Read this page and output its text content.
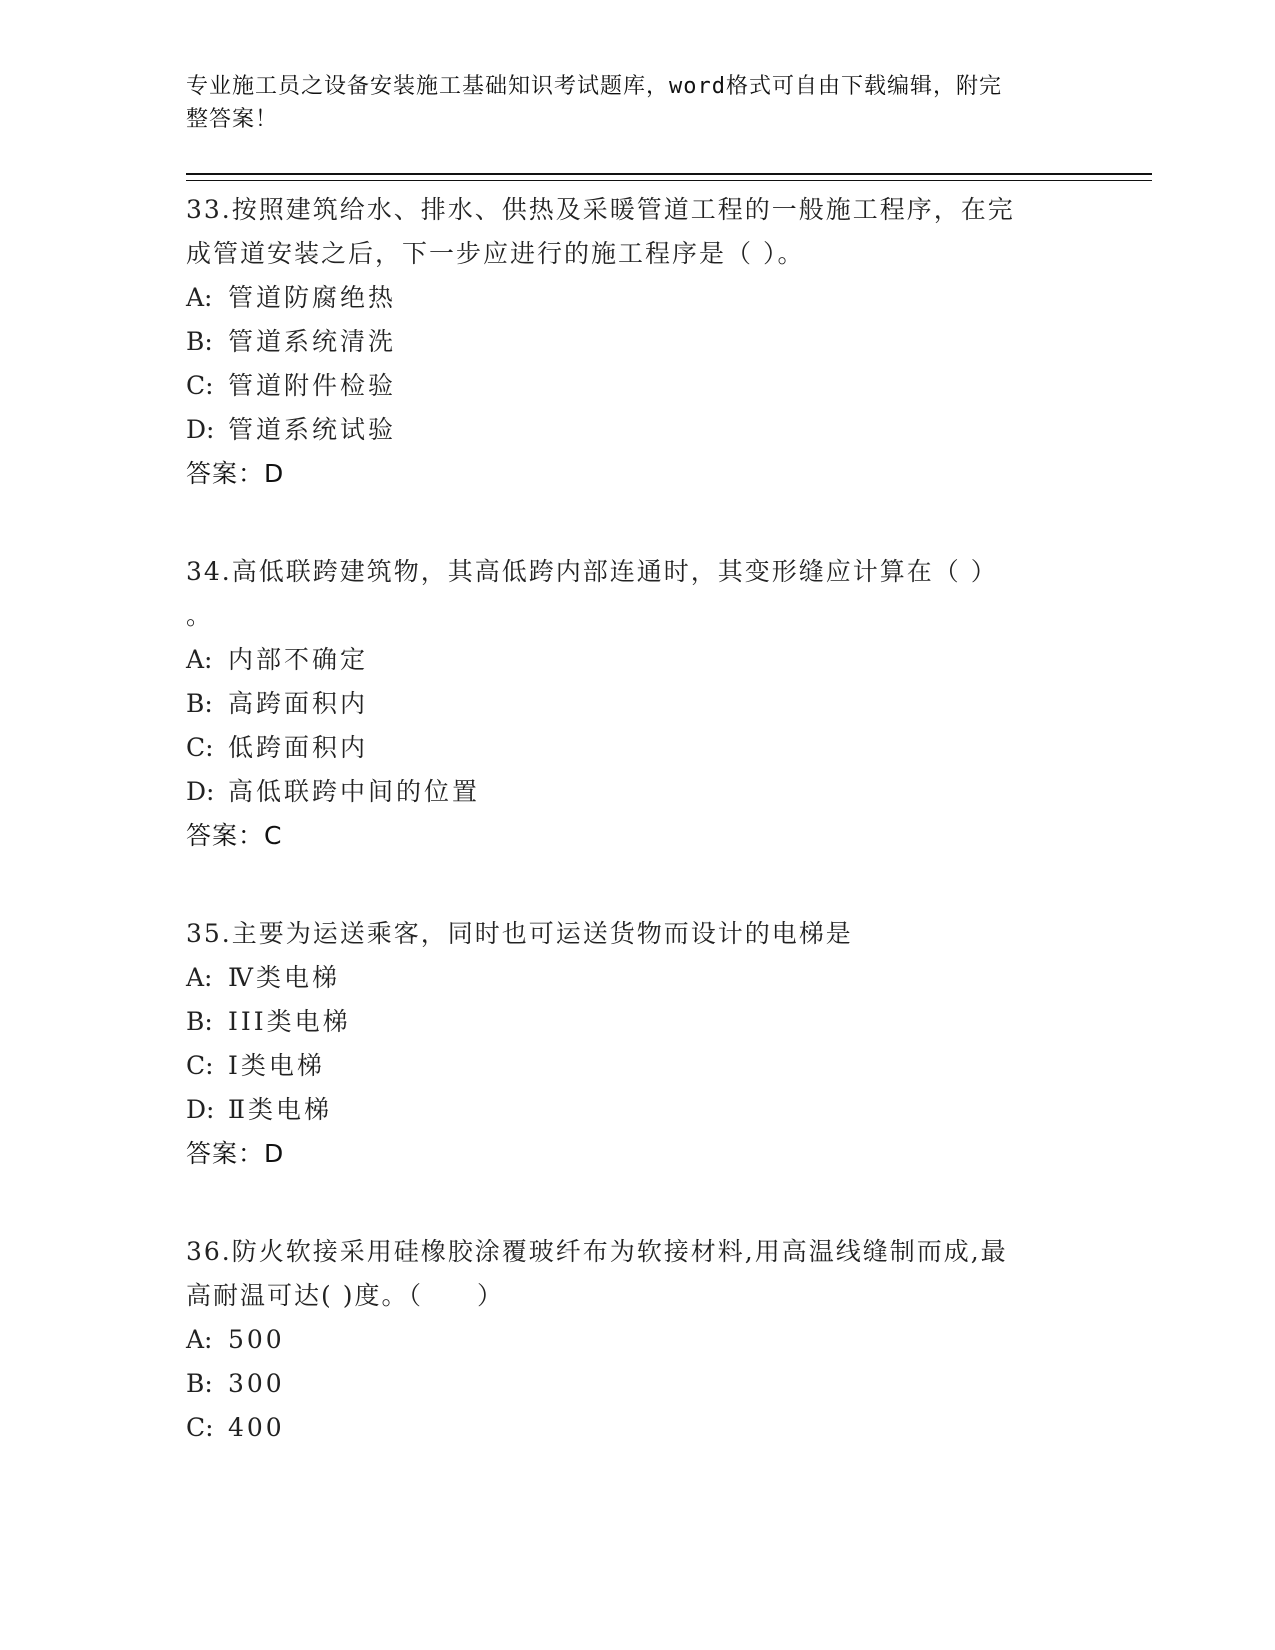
专业施工员之设备安装施工基础知识考试题库，word格式可自由下载编辑，附完
整答案！

33.按照建筑给水、排水、供热及采暖管道工程的一般施工程序，在完

成管道安装之后，下一步应进行的施工程序是（ ）。

A: 管道防腐绝热

B: 管道系统清洗

C: 管道附件检验

D: 管道系统试验

答案：D

34.高低联跨建筑物，其高低跨内部连通时，其变形缝应计算在（ ）

。

A: 内部不确定

B: 高跨面积内

C: 低跨面积内

D: 高低联跨中间的位置

答案：C

35.主要为运送乘客，同时也可运送货物而设计的电梯是

A: Ⅳ类电梯

B: III类电梯

C: Ⅰ类电梯

D: Ⅱ类电梯

答案：D

36.防火软接采用硅橡胶涂覆玻纤布为软接材料,用高温线缝制而成,最

高耐温可达( )度。（　　）

A: 500

B: 300

C: 400
